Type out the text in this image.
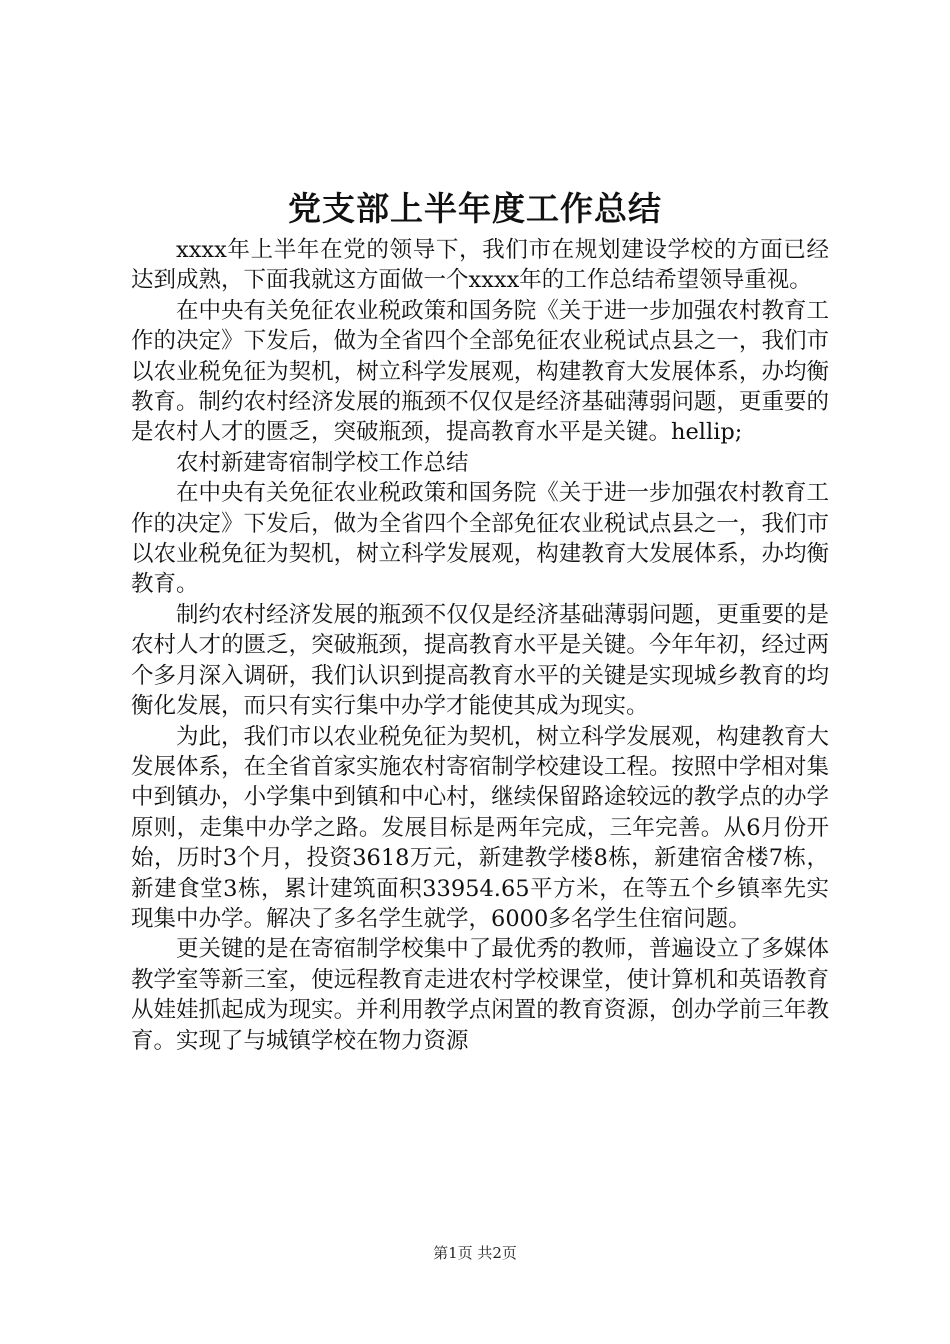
党支部上半年度工作总结

xxxx年上半年在党的领导下，我们市在规划建设学校的方面已经达到成熟，下面我就这方面做一个xxxx年的工作总结希望领导重视。

在中央有关免征农业税政策和国务院《关于进一步加强农村教育工作的决定》下发后，做为全省四个全部免征农业税试点县之一，我们市以农业税免征为契机，树立科学发展观，构建教育大发展体系，办均衡教育。制约农村经济发展的瓶颈不仅仅是经济基础薄弱问题，更重要的是农村人才的匮乏，突破瓶颈，提高教育水平是关键。hellip;

农村新建寄宿制学校工作总结

在中央有关免征农业税政策和国务院《关于进一步加强农村教育工作的决定》下发后，做为全省四个全部免征农业税试点县之一，我们市以农业税免征为契机，树立科学发展观，构建教育大发展体系，办均衡教育。

制约农村经济发展的瓶颈不仅仅是经济基础薄弱问题，更重要的是农村人才的匮乏，突破瓶颈，提高教育水平是关键。今年年初，经过两个多月深入调研，我们认识到提高教育水平的关键是实现城乡教育的均衡化发展，而只有实行集中办学才能使其成为现实。

为此，我们市以农业税免征为契机，树立科学发展观，构建教育大发展体系，在全省首家实施农村寄宿制学校建设工程。按照中学相对集中到镇办，小学集中到镇和中心村，继续保留路途较远的教学点的办学原则，走集中办学之路。发展目标是两年完成，三年完善。从6月份开始，历时3个月，投资3618万元，新建教学楼8栋，新建宿舍楼7栋，新建食堂3栋，累计建筑面积33954.65平方米，在等五个乡镇率先实现集中办学。解决了多名学生就学，6000多名学生住宿问题。

更关键的是在寄宿制学校集中了最优秀的教师，普遍设立了多媒体教学室等新三室，使远程教育走进农村学校课堂，使计算机和英语教育从娃娃抓起成为现实。并利用教学点闲置的教育资源，创办学前三年教育。实现了与城镇学校在物力资源

第1页 共2页
